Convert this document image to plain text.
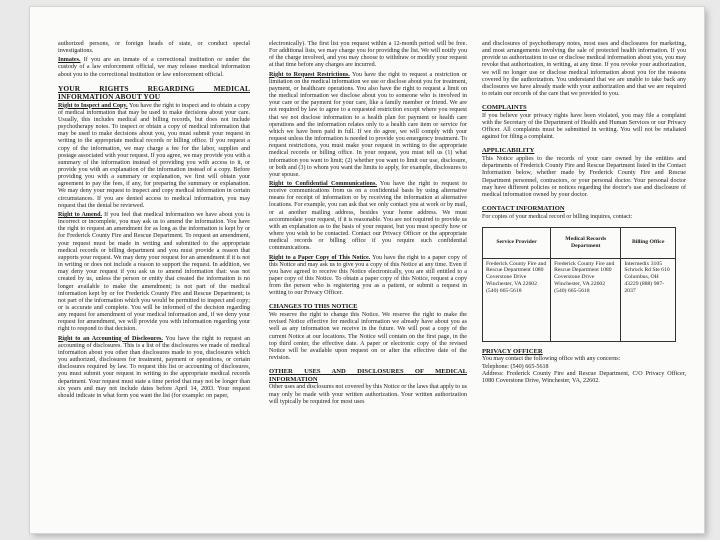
authorized persons, or foreign heads of state, or conduct special investigations.

Inmates. If you are an inmate of a correctional institution or under the custody of a law enforcement official, we may release medical information about you to the correctional institution or law enforcement official.

YOUR RIGHTS REGARDING MEDICAL INFORMATION ABOUT YOU

Right to Inspect and Copy. You have the right to inspect and to obtain a copy of medical information that may be used to make decisions about your care. Usually, this includes medical and billing records, but does not include psychotherapy notes. To inspect or obtain a copy of medical information that may be used to make decisions about you, you must submit your request in writing to the appropriate medical records or billing office. If you request a copy of the information, we may charge a fee for the labor, supplies and postage associated with your request. If you agree, we may provide you with a summary of the information instead of providing you with access to it, or provide you with an explanation of the information instead of a copy. Before providing you with a summary or explanation, we first will obtain your agreement to pay the fees, if any, for preparing the summary or explanation. We may deny your request to inspect and copy medical information in certain circumstances. If you are denied access to medical information, you may request that the denial be reviewed.

Right to Amend. If you feel that medical information we have about you is incorrect or incomplete, you may ask us to amend the information. You have the right to request an amendment for as long as the information is kept by or for Frederick County Fire and Rescue Department. To request an amendment, your request must be made in writing and submitted to the appropriate medical records or billing department and you must provide a reason that supports your request. We may deny your request for an amendment if it is not in writing or does not include a reason to support the request. In addition, we may deny your request if you ask us to amend information that: was not created by us, unless the person or entity that created the information is no longer available to make the amendment; is not part of the medical information kept by or for Frederick County Fire and Rescue Department; is not part of the information which you would be permitted to inspect and copy; or is accurate and complete. You will be informed of the decision regarding any request for amendment of your medical information and, if we deny your request for amendment, we will provide you with information regarding your right to respond to that decision.

Right to an Accounting of Disclosures. You have the right to request an accounting of disclosures. This is a list of the disclosures we made of medical information about you other than disclosures made to you, disclosures which you authorized, disclosures for treatment, payment or operations, or certain disclosures required by law. To request this list or accounting of disclosures, you must submit your request in writing to the appropriate medical records department. Your request must state a time period that may not be longer than six years and may not include dates before April 14, 2003. Your request should indicate in what form you want the list (for example: on paper,

electronically). The first list you request within a 12-month period will be free. For additional lists, we may charge you for providing the list. We will notify you of the charge involved, and you may choose to withdraw or modify your request at that time before any charges are incurred.

Right to Request Restrictions. You have the right to request a restriction or limitation on the medical information we use or disclose about you for treatment, payment, or healthcare operations. You also have the right to request a limit on the medical information we disclose about you to someone who is involved in your care or the payment for your care, like a family member or friend. We are not required by law to agree to a requested restriction except where you request that we not disclose information to a health plan for payment or health care operations and the information relates only to a health care item or service for which we have been paid in full. If we do agree, we will comply with your request unless the information is needed to provide you emergency treatment. To request restrictions, you must make your request in writing to the appropriate medical records or billing office. In your request, you must tell us (1) what information you want to limit; (2) whether you want to limit our use, disclosure, or both and (3) to whom you want the limits to apply, for example, disclosures to your spouse.

Right to Confidential Communications. You have the right to request to receive communications from us on a confidential basis by using alternative means for receipt of information or by receiving the information at alternative locations. For example, you can ask that we only contact you at work or by mail, or at another mailing address, besides your home address. We must accommodate your request, if it is reasonable. You are not required to provide us with an explanation as to the basis of your request, but you must specify how or where you wish to be contacted. Contact our Privacy Officer or the appropriate medical records or billing office if you require such confidential communications.

Right to a Paper Copy of This Notice. You have the right to a paper copy of this Notice and may ask us to give you a copy of this Notice at any time. Even if you have agreed to receive this Notice electronically, you are still entitled to a paper copy of this Notice. To obtain a paper copy of this Notice, request a copy from the person who is registering you as a patient, or submit a request in writing to our Privacy Officer.

CHANGES TO THIS NOTICE

We reserve the right to change this Notice. We reserve the right to make the revised Notice effective for medical information we already have about you as well as any information we receive in the future. We will post a copy of the current Notice at our locations. The Notice will contain on the first page, in the top third center, the effective date. A paper or electronic copy of the revised Notice will be available upon request on or after the effective date of the revision.

OTHER USES AND DISCLOSURES OF MEDICAL INFORMATION

Other uses and disclosures not covered by this Notice or the laws that apply to us may only be made with your written authorization. Your written authorization will typically be required for most uses

and disclosures of psychotherapy notes, most uses and disclosures for marketing, and most arrangements involving the sale of protected health information. If you provide us authorization to use or disclose medical information about you, you may revoke that authorization, in writing, at any time. If you revoke your authorization, we will no longer use or disclose medical information about you for the reasons covered by the authorization. You understand that we are unable to take back any disclosures we have already made with your authorization and that we are required to retain our records of the care that we provided to you.

COMPLAINTS

If you believe your privacy rights have been violated, you may file a complaint with the Secretary of the Department of Health and Human Services or our Privacy Officer. All complaints must be submitted in writing. You will not be retaliated against for filing a complaint.

APPLICABILITY

This Notice applies to the records of your care owned by the entities and departments of Frederick County Fire and Rescue Department listed in the Contact Information below, whether made by Frederick County Fire and Rescue Department personnel, contractors, or your personal doctor. Your personal doctor may have different policies or notices regarding the doctor's use and disclosure of medical information owned by your doctor.

CONTACT INFORMATION

For copies of your medical record or billing inquires, contact:

Service Provider	Medical Records Department	Billing Office
Frederick County Fire and Rescue Department 1080 Coverstone Drive Winchester, VA 22602 (540) 665-5618	Frederick County Fire and Rescue Department 1080 Coverstone Drive Winchester, VA 22602 (540) 665-5618	Intermedix 3105 Schrock Rd Ste 610 Columbus, OH 43229 (888) 987-2037
PRIVACY OFFICER

You may contact the following office with any concerns:

Telephone: (540) 665-5618

Address: Frederick County Fire and Rescue Department, C/O Privacy Officer, 1080 Coverstone Drive, Winchester, VA, 22602.
